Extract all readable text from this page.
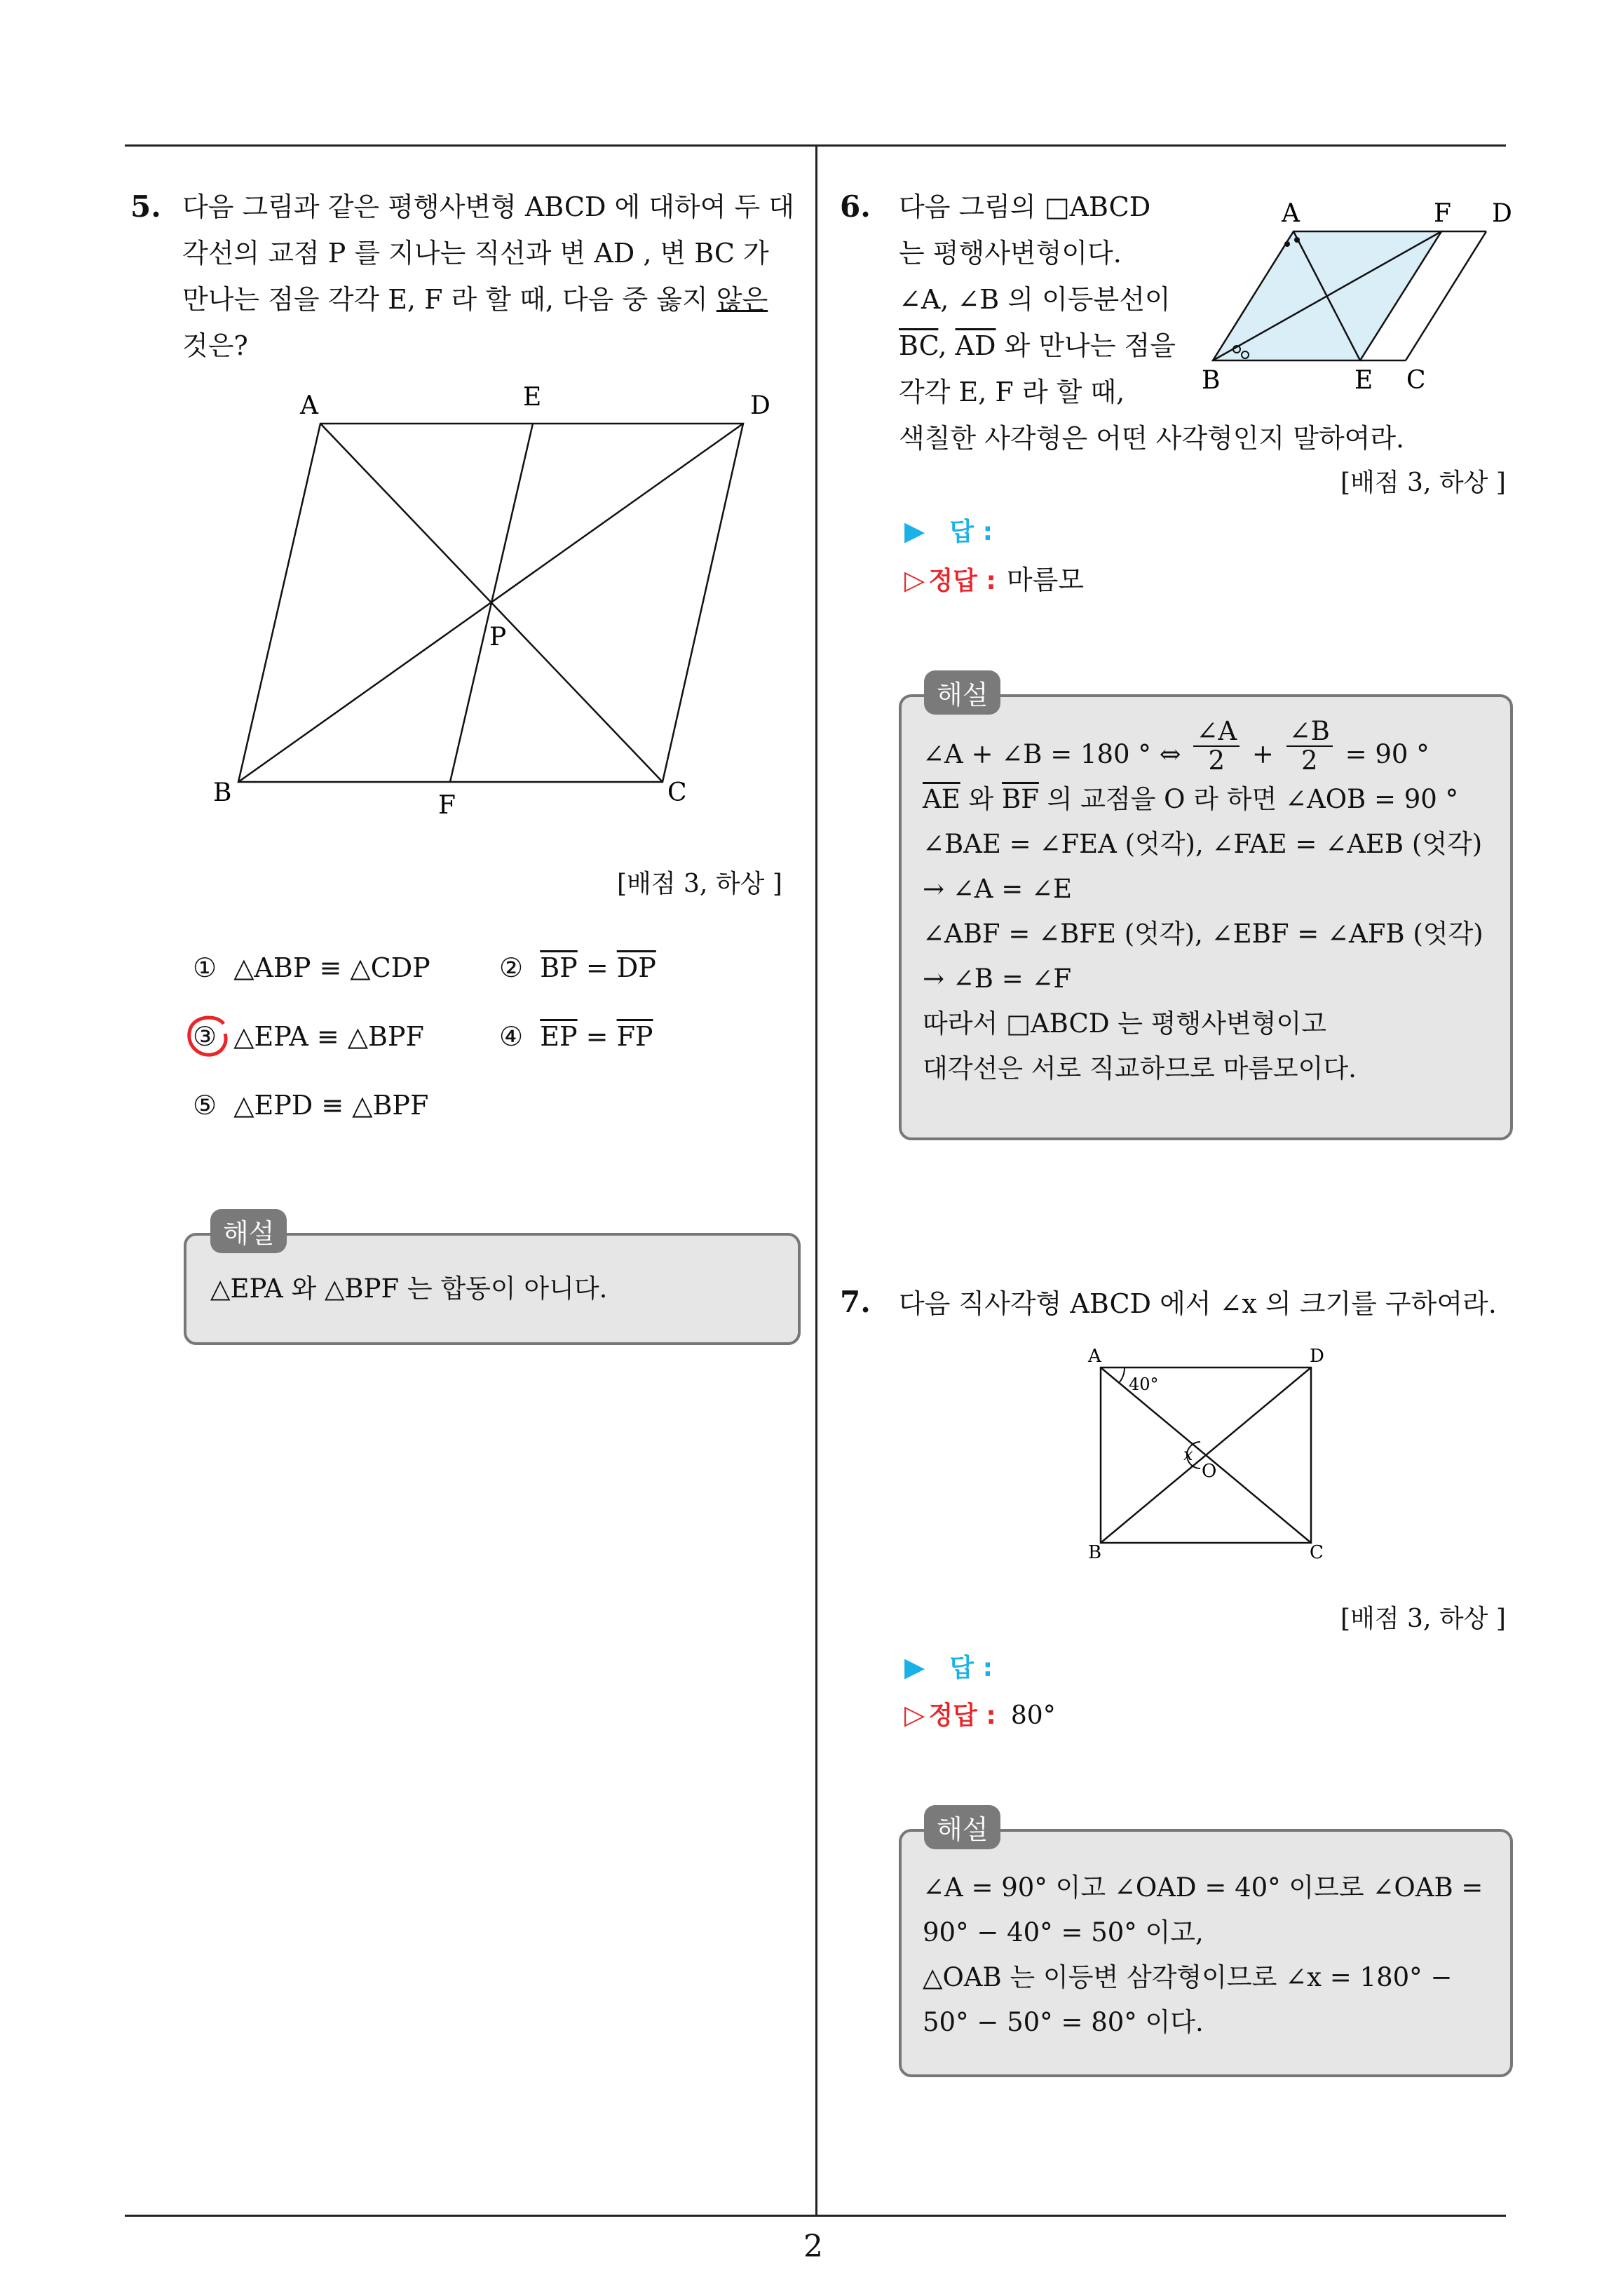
5. 다음 그림과 같은 평행사변형 ABCD 에 대하여 두 대
각선의 교점 P 를 지나는 직선과 변 AD , 변 BC 가
만나는 점을 각각 E, F 라 할 때, 다음 중 옳지 않은
것은?
A	E	D
P
B	F	C
[배점 3, 하상 ]
① △ABP ≡ △CDP	② $\overline{BP} = \overline{DP}$
③ △EPA ≡ △BPF	④ $\overline{EP} = \overline{FP}$
⑤ △EPD ≡ △BPF
△EPA 와 △BPF 는 합동이 아니다.
해설
6. 다음 그림의 □ABCD
는 평행사변형이다.
∠A, ∠B 의 이등분선이
$\overline{BC}$, $\overline{AD}$ 와 만나는 점을
각각 E, F 라 할 때,
색칠한 사각형은 어떤 사각형인지 말하여라.
A	F D
B	E C
[배점 3, 하상 ]
▶ 답 :
▷ 정답 : 마름모
∠A + ∠B = 180 ° ⇔ $\frac{\angle A}{2} + \frac{\angle B}{2} = 90$ °
$\overline{AE}$ 와 $\overline{BF}$ 의 교점을 O 라 하면 ∠AOB = 90 °
∠BAE = ∠FEA (엇각), ∠FAE = ∠AEB (엇각)
→ ∠A = ∠E
∠ABF = ∠BFE (엇각), ∠EBF = ∠AFB (엇각)
→ ∠B = ∠F
따라서 □ABCD 는 평행사변형이고
대각선은 서로 직교하므로 마름모이다.
해설
7. 다음 직사각형 ABCD 에서 ∠x 의 크기를 구하여라.
A	D
B	C
O
40°
x
[배점 3, 하상 ]
▶ 답 :
▷ 정답 : 80°
∠A = 90° 이고 ∠OAD = 40° 이므로 ∠OAB =
90° − 40° = 50° 이고,
△OAB 는 이등변 삼각형이므로 ∠x = 180° −
50° − 50° = 80° 이다.
해설
2
